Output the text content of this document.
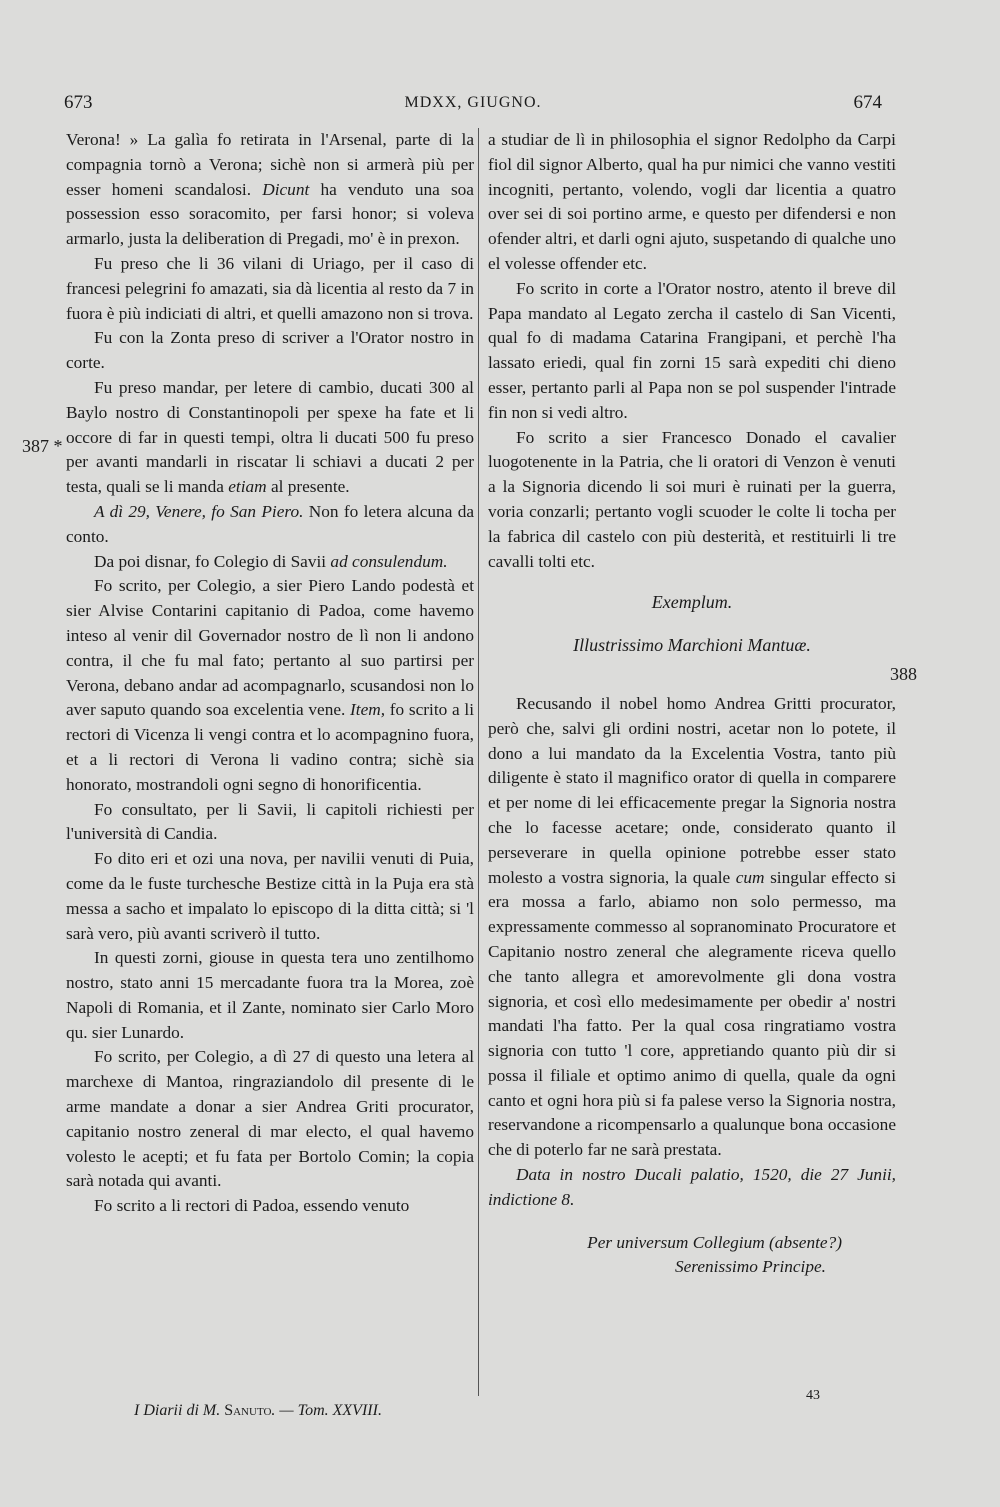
673	MDXX, GIUGNO.	674
387 *
388

Verona! » La galìa fo retirata in l'Arsenal, parte di la compagnia tornò a Verona; sichè non si armerà più per esser homeni scandalosi. Dicunt ha venduto una soa possession esso soracomito, per farsi honor; si voleva armarlo, justa la deliberation di Pregadi, mo' è in prexon.

Fu preso che li 36 vilani di Uriago, per il caso di francesi pelegrini fo amazati, sia dà licentia al resto da 7 in fuora è più indiciati di altri, et quelli amazono non si trova.

Fu con la Zonta preso di scriver a l'Orator nostro in corte.

Fu preso mandar, per letere di cambio, ducati 300 al Baylo nostro di Constantinopoli per spexe ha fate et li occore di far in questi tempi, oltra li ducati 500 fu preso per avanti mandarli in riscatar li schiavi a ducati 2 per testa, quali se li manda etiam al presente.

A dì 29, Venere, fo San Piero. Non fo letera alcuna da conto.

Da poi disnar, fo Colegio di Savii ad consulendum.

Fo scrito, per Colegio, a sier Piero Lando podestà et sier Alvise Contarini capitanio di Padoa, come havemo inteso al venir dil Governador nostro de lì non li andono contra, il che fu mal fato; pertanto al suo partirsi per Verona, debano andar ad acompagnarlo, scusandosi non lo aver saputo quando soa excelentia vene. Item, fo scrito a li rectori di Vicenza li vengi contra et lo acompagnino fuora, et a li rectori di Verona li vadino contra; sichè sia honorato, mostrandoli ogni segno di honorificentia.

Fo consultato, per li Savii, li capitoli richiesti per l'università di Candia.

Fo dito eri et ozi una nova, per navilii venuti di Puia, come da le fuste turchesche Bestize città in la Puja era stà messa a sacho et impalato lo episcopo di la ditta città; si 'l sarà vero, più avanti scriverò il tutto.

In questi zorni, giouse in questa tera uno zentilhomo nostro, stato anni 15 mercadante fuora tra la Morea, zoè Napoli di Romania, et il Zante, nominato sier Carlo Moro qu. sier Lunardo.

Fo scrito, per Colegio, a dì 27 di questo una letera al marchexe di Mantoa, ringraziandolo dil presente di le arme mandate a donar a sier Andrea Griti procurator, capitanio nostro zeneral di mar electo, el qual havemo volesto le acepti; et fu fata per Bortolo Comin; la copia sarà notada qui avanti.

Fo scrito a li rectori di Padoa, essendo venuto

a studiar de lì in philosophia el signor Redolpho da Carpi fiol dil signor Alberto, qual ha pur nimici che vanno vestiti incogniti, pertanto, volendo, vogli dar licentia a quatro over sei di soi portino arme, e questo per difendersi e non ofender altri, et darli ogni ajuto, suspetando di qualche uno el volesse offender etc.

Fo scrito in corte a l'Orator nostro, atento il breve dil Papa mandato al Legato zercha il castelo di San Vicenti, qual fo di madama Catarina Frangipani, et perchè l'ha lassato eriedi, qual fin zorni 15 sarà expediti chi dieno esser, pertanto parli al Papa non se pol suspender l'intrade fin non si vedi altro.

Fo scrito a sier Francesco Donado el cavalier luogotenente in la Patria, che li oratori di Venzon è venuti a la Signoria dicendo li soi muri è ruinati per la guerra, voria conzarli; pertanto vogli scuoder le colte li tocha per la fabrica dil castelo con più desterità, et restituirli li tre cavalli tolti etc.

Exemplum.

Illustrissimo Marchioni Mantuæ.

Recusando il nobel homo Andrea Gritti procurator, però che, salvi gli ordini nostri, acetar non lo potete, il dono a lui mandato da la Excelentia Vostra, tanto più diligente è stato il magnifico orator di quella in comparere et per nome di lei efficacemente pregar la Signoria nostra che lo facesse acetare; onde, considerato quanto il perseverare in quella opinione potrebbe esser stato molesto a vostra signoria, la quale cum singular effecto si era mossa a farlo, abiamo non solo permesso, ma expressamente commesso al sopranominato Procuratore et Capitanio nostro zeneral che alegramente riceva quello che tanto allegra et amorevolmente gli dona vostra signoria, et così ello medesimamente per obedir a' nostri mandati l'ha fatto. Per la qual cosa ringratiamo vostra signoria con tutto 'l core, appretiando quanto più dir si possa il filiale et optimo animo di quella, quale da ogni canto et ogni hora più si fa palese verso la Signoria nostra, reservandone a ricompensarlo a qualunque bona occasione che di poterlo far ne sarà prestata.

Data in nostro Ducali palatio, 1520, die 27 Junii, indictione 8.

Per universum Collegium (absente?)

Serenissimo Principe.

43
I Diarii di M. Sanuto. — Tom. XXVIII.
